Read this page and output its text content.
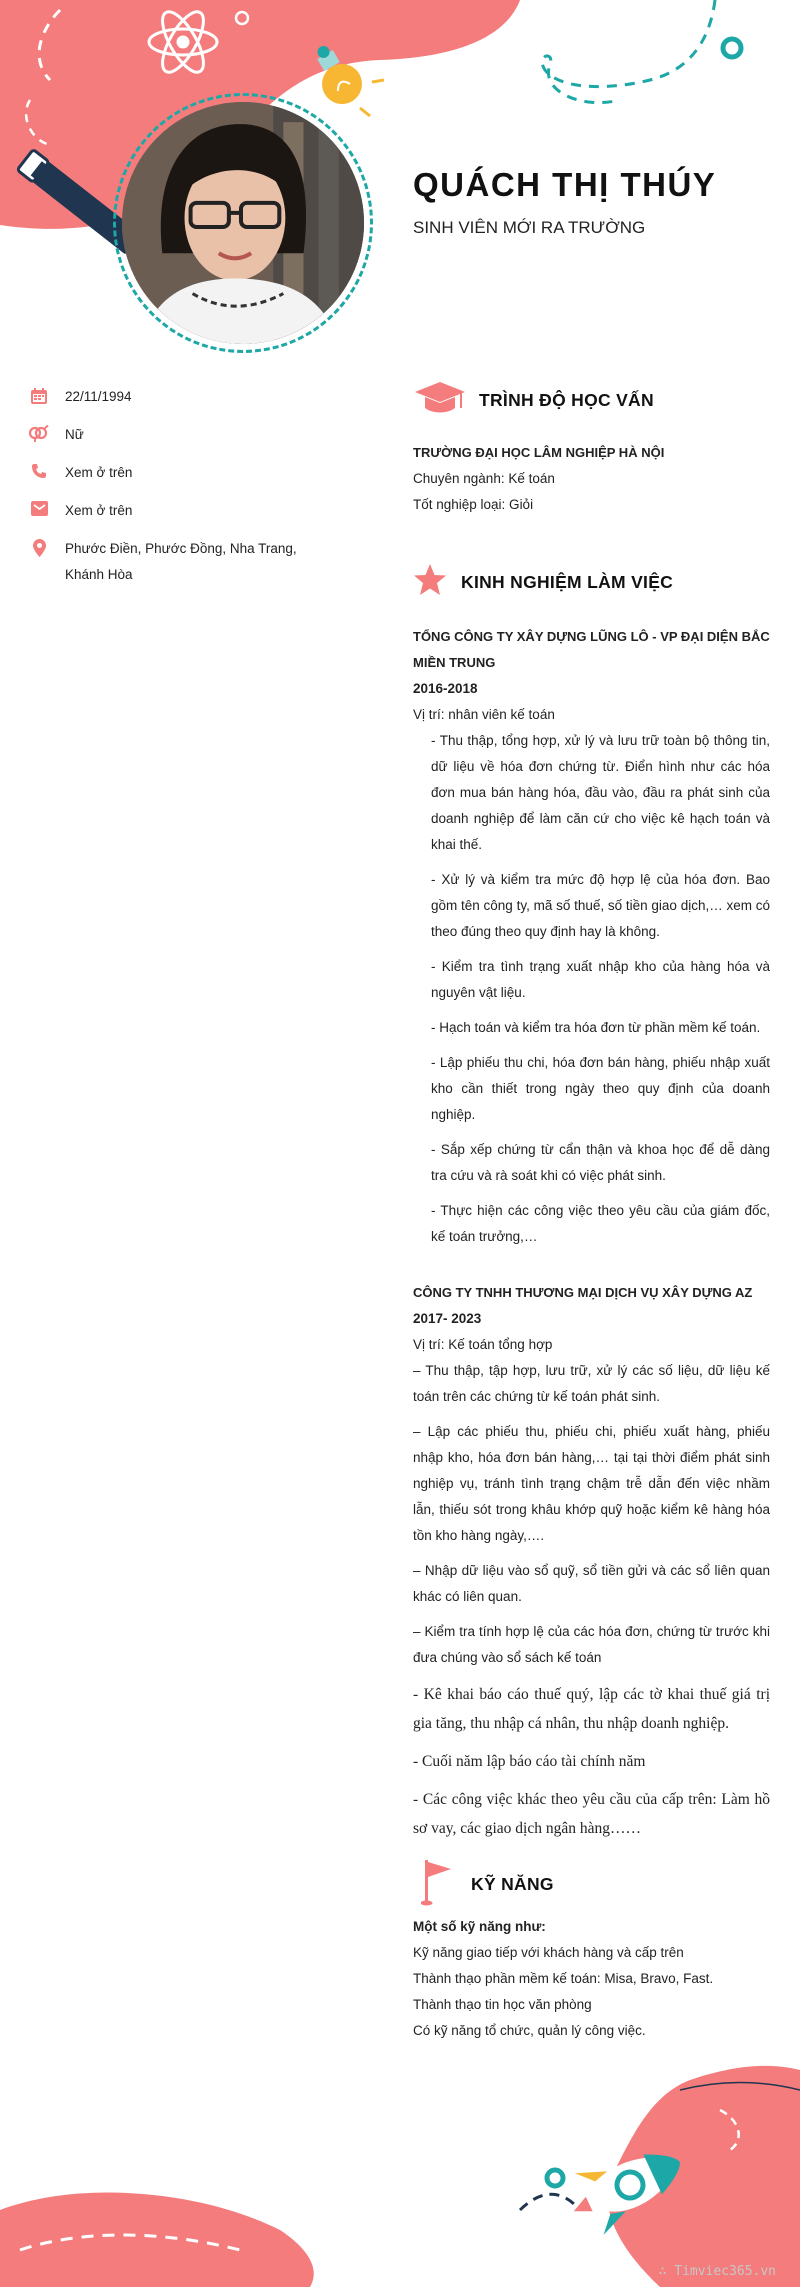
QUÁCH THỊ THÚY
SINH VIÊN MỚI RA TRƯỜNG
22/11/1994
Nữ
Xem ở trên
Xem ở trên
Phước Điền, Phước Đồng, Nha Trang, Khánh Hòa
TRÌNH ĐỘ HỌC VẤN
TRƯỜNG ĐẠI HỌC LÂM NGHIỆP HÀ NỘI
Chuyên ngành: Kế toán
Tốt nghiệp loại: Giỏi
KINH NGHIỆM LÀM VIỆC
TỔNG CÔNG TY XÂY DỰNG LŨNG LÔ - VP ĐẠI DIỆN BẮC MIỀN TRUNG
2016-2018
Vị trí: nhân viên kế toán
- Thu thập, tổng hợp, xử lý và lưu trữ toàn bộ thông tin, dữ liệu về hóa đơn chứng từ. Điển hình như các hóa đơn mua bán hàng hóa, đầu vào, đầu ra phát sinh của doanh nghiệp để làm căn cứ cho việc kê hạch toán và khai thế.
- Xử lý và kiểm tra mức độ hợp lệ của hóa đơn. Bao gồm tên công ty, mã số thuế, số tiền giao dịch,… xem có theo đúng theo quy định hay là không.
- Kiểm tra tình trạng xuất nhập kho của hàng hóa và nguyên vật liệu.
- Hạch toán và kiểm tra hóa đơn từ phần mềm kế toán.
- Lập phiếu thu chi, hóa đơn bán hàng, phiếu nhập xuất kho cần thiết trong ngày theo quy định của doanh nghiệp.
- Sắp xếp chứng từ cẩn thận và khoa học để dễ dàng tra cứu và rà soát khi có việc phát sinh.
- Thực hiện các công việc theo yêu cầu của giám đốc, kế toán trưởng,…
CÔNG TY TNHH THƯƠNG MẠI DỊCH VỤ XÂY DỰNG AZ
2017- 2023
Vị trí: Kế toán tổng hợp
– Thu thập, tập hợp, lưu trữ, xử lý các số liệu, dữ liệu kế toán trên các chứng từ kế toán phát sinh.
– Lập các phiếu thu, phiếu chi, phiếu xuất hàng, phiếu nhập kho, hóa đơn bán hàng,… tại tại thời điểm phát sinh nghiệp vụ, tránh tình trạng chậm trễ dẫn đến việc nhầm lẫn, thiếu sót trong khâu khớp quỹ hoặc kiểm kê hàng hóa tồn kho hàng ngày,….
– Nhập dữ liệu vào sổ quỹ, sổ tiền gửi và các sổ liên quan khác có liên quan.
– Kiểm tra tính hợp lệ của các hóa đơn, chứng từ trước khi đưa chúng vào sổ sách kế toán
- Kê khai báo cáo thuế quý, lập các tờ khai thuế giá trị gia tăng, thu nhập cá nhân, thu nhập doanh nghiệp.
- Cuối năm lập báo cáo tài chính năm
- Các công việc khác theo yêu cầu của cấp trên: Làm hồ sơ vay, các giao dịch ngân hàng……
KỸ NĂNG
Một số kỹ năng như:
Kỹ năng giao tiếp với khách hàng và cấp trên
Thành thạo phần mềm kế toán: Misa, Bravo, Fast.
Thành thạo tin học văn phòng
Có kỹ năng tổ chức, quản lý công việc.
∴ Timviec365.vn
